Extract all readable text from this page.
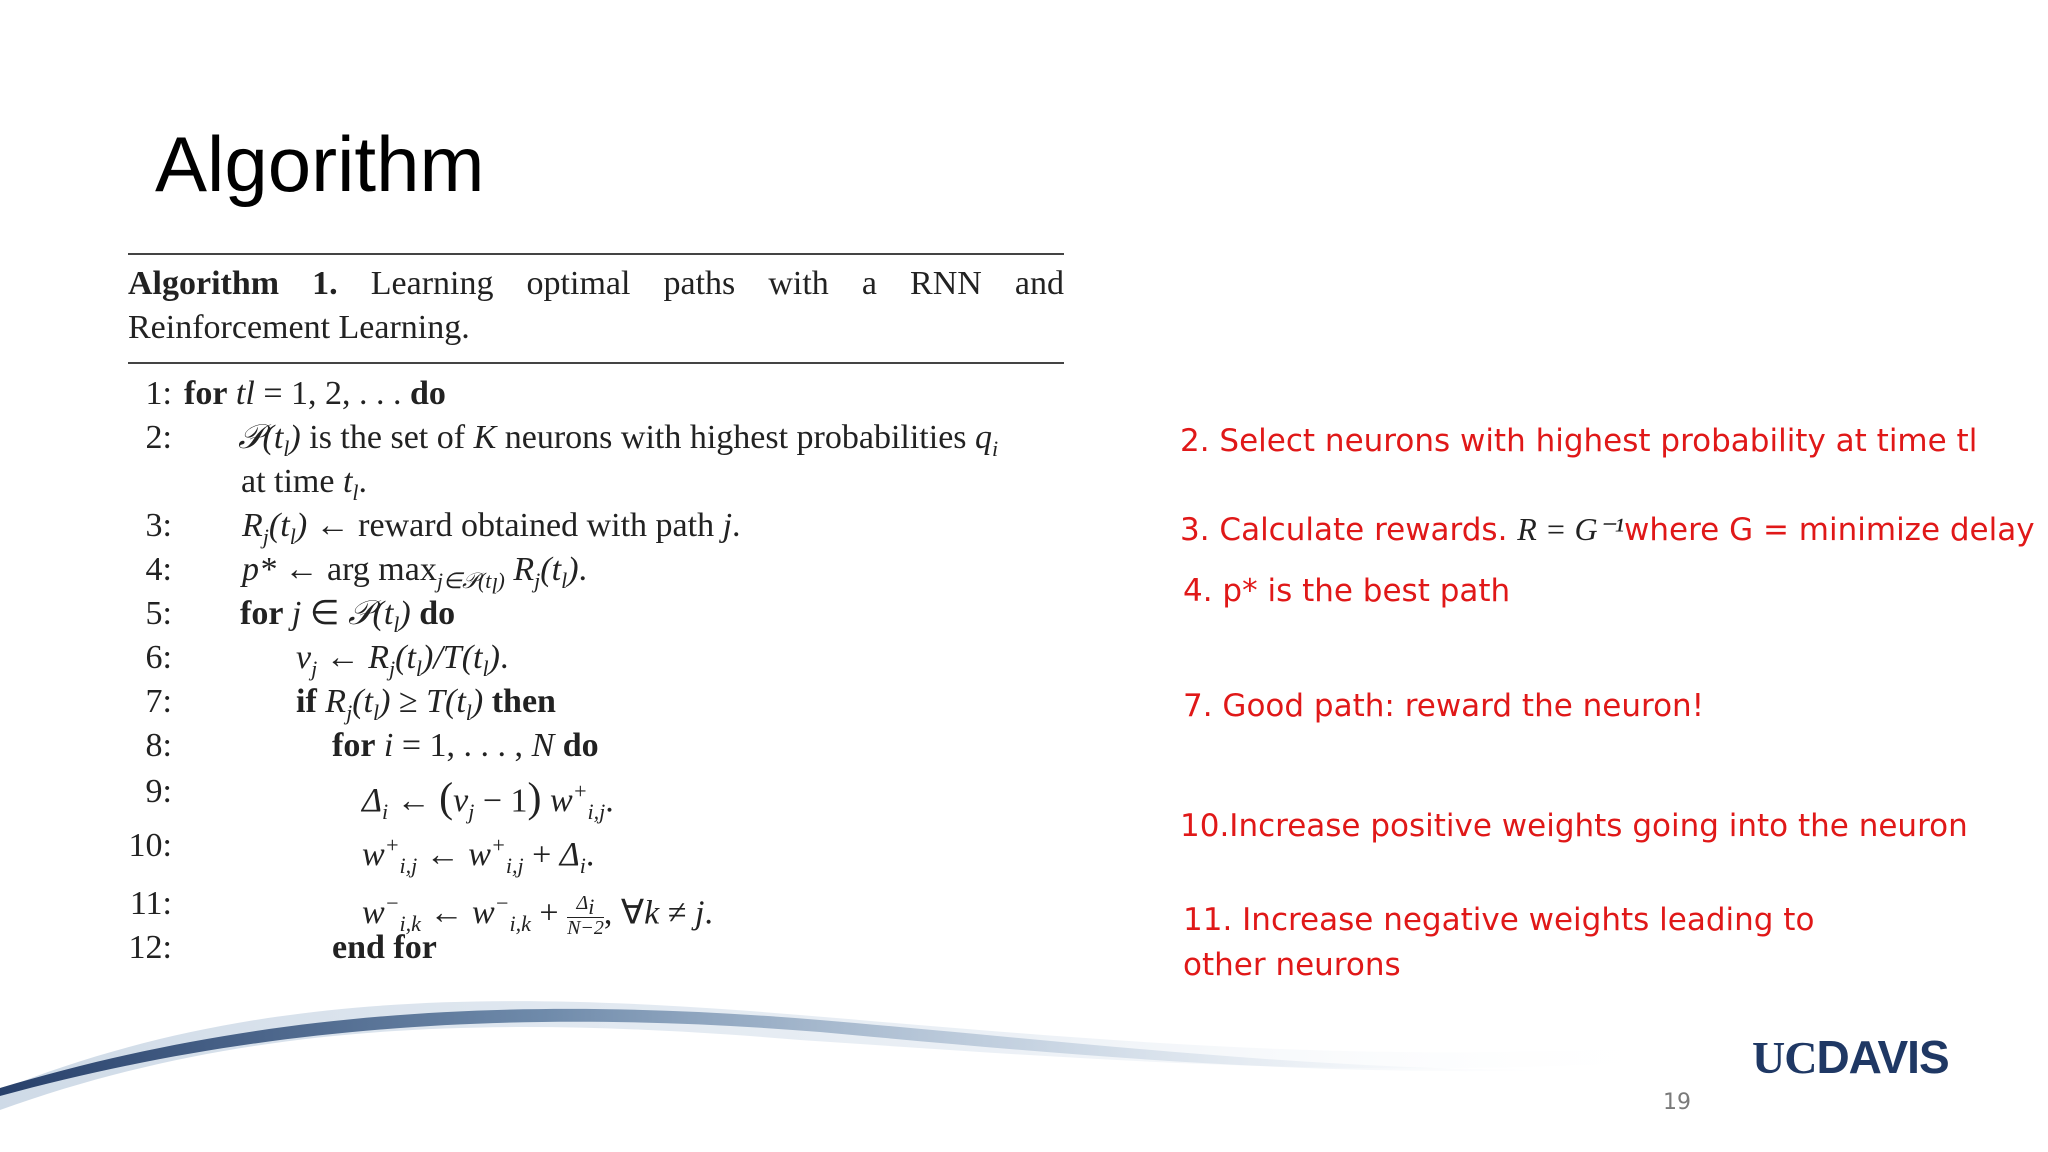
Algorithm
Algorithm 1. Learning optimal paths with a RNN and Reinforcement Learning.
1: for tl = 1, 2, . . . do
2: $𝒫(t_l)$ is the set of K neurons with highest probabilities $q_i$
at time $t_l$.
3: $R_j(t_l)$ ← reward obtained with path j.
4: p* ← arg $\max_{j\in 𝒫(t_l)} R_j(t_l)$.
5: for j ∈ $𝒫(t_l)$ do
6:	$\nu_j$ ← $R_j(t_l)/T(t_l)$.
7:	if $R_j(t_l) \ge T(t_l)$ then
8:	for i = 1, . . . , N do
9:	$\Delta_i$ ← $(\nu_j - 1)$ $w^+_{i,j}$.
10:	$w^+_{i,j}$ ← $w^+_{i,j} + \Delta_i$.
11:	$w^-_{i,k}$ ← $w^-_{i,k} + \frac{\Delta_i}{N-2}$ , ∀k ≠ j.
12:	end for
2. Select neurons with highest probability at time tl
3. Calculate rewards. R = G⁻¹where G = minimize delay
4. p* is the best path
7. Good path: reward the neuron!
10.Increase positive weights going into the neuron
11. Increase negative weights leading to
other neurons
UCDAVIS
19
